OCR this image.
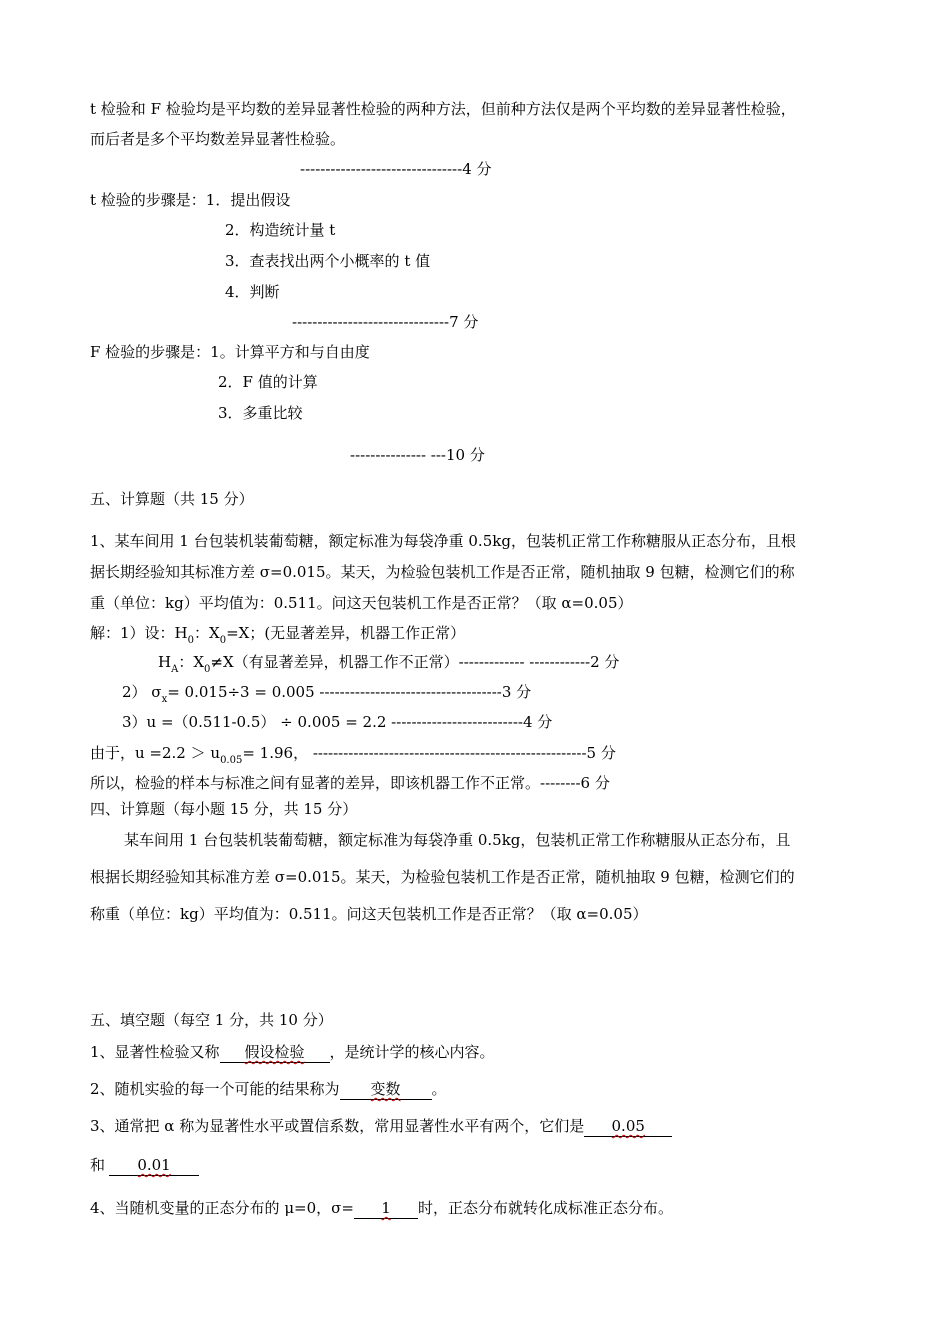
t 检验和 F 检验均是平均数的差异显著性检验的两种方法，但前种方法仅是两个平均数的差异显著性检验，
而后者是多个平均数差异显著性检验。
--------------------------------4 分
t 检验的步骤是：1．提出假设
2．构造统计量 t
3．查表找出两个小概率的 t 值
4．判断
-------------------------------7 分
F 检验的步骤是：1。计算平方和与自由度
2．F 值的计算
3．多重比较
--------------- ---10 分
五、计算题（共 15 分）
1、某车间用 1 台包装机装葡萄糖，额定标准为每袋净重 0.5kg，包装机正常工作称糖服从正态分布，且根
据长期经验知其标准方差 σ=0.015。某天，为检验包装机工作是否正常，随机抽取 9 包糖，检测它们的称
重（单位：kg）平均值为：0.511。问这天包装机工作是否正常？（取 α=0.05）
解：1）设：$H_0$：$X_0=X$；(无显著差异，机器工作正常）
$H_A$：$X_0\ne X$（有显著差异，机器工作不正常）------------- ------------2 分
2） $\sigma_x= 0.015\div 3 = 0.005$ ------------------------------------3 分
3）u =（0.511-0.5） ÷ 0.005 = 2.2 --------------------------4 分
由于，$u =2.2 > u_{0.05}= 1.96$， ------------------------------------------------------5 分
所以，检验的样本与标准之间有显著的差异，即该机器工作不正常。--------6 分
四、计算题（每小题 15 分，共 15 分）
某车间用 1 台包装机装葡萄糖，额定标准为每袋净重 0.5kg，包装机正常工作称糖服从正态分布，且
根据长期经验知其标准方差 σ=0.015。某天，为检验包装机工作是否正常，随机抽取 9 包糖，检测它们的
称重（单位：kg）平均值为：0.511。问这天包装机工作是否正常？（取 α=0.05）
五、填空题（每空 1 分，共 10 分）
1、显著性检验又称 假设检验 ，是统计学的核心内容。
2、随机实验的每一个可能的结果称为 变数 。
3、通常把 α 称为显著性水平或置信系数，常用显著性水平有两个，它们是 0.05
和 0.01
4、当随机变量的正态分布的 μ=0，σ= 1 时，正态分布就转化成标准正态分布。
